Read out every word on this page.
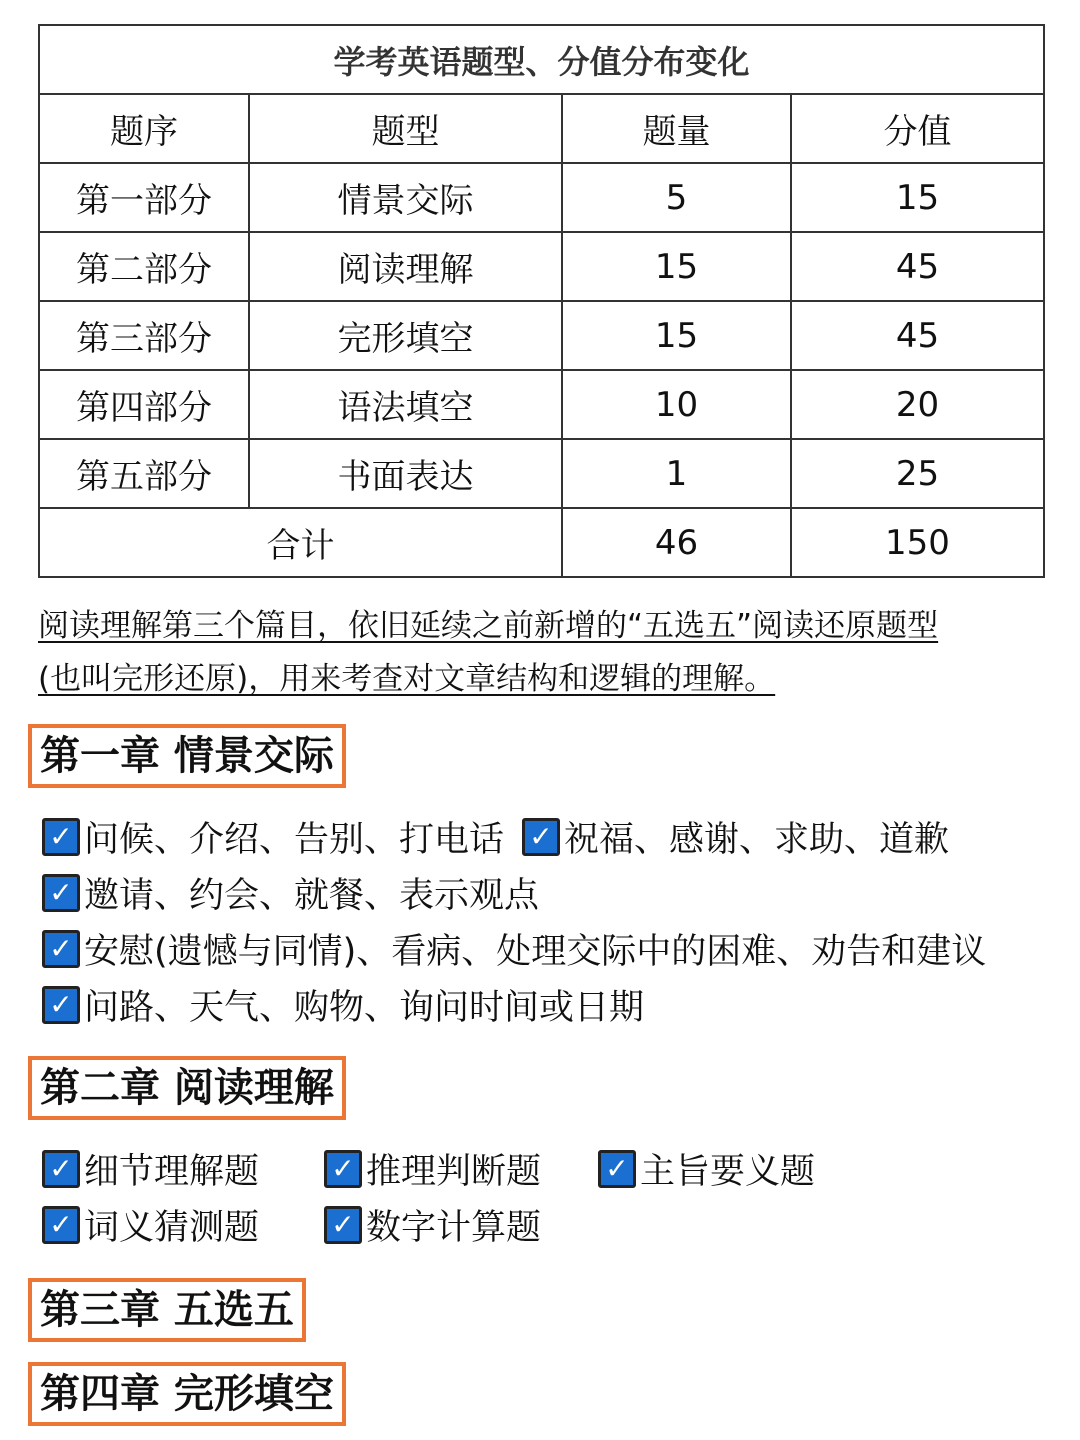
学考英语题型、分值分布变化			
题序	题型	题量	分值
第一部分	情景交际	5	15
第二部分	阅读理解	15	45
第三部分	完形填空	15	45
第四部分	语法填空	10	20
第五部分	书面表达	1	25
合计		46	150
阅读理解第三个篇目，依旧延续之前新增的“五选五”阅读还原题型
(也叫完形还原)，用来考查对文章结构和逻辑的理解。
第一章 情景交际
✓ 问候、介绍、告别、打电话 ✓ 祝福、感谢、求助、道歉
✓ 邀请、约会、就餐、表示观点
✓ 安慰(遗憾与同情)、看病、处理交际中的困难、劝告和建议
✓ 问路、天气、购物、询问时间或日期
第二章 阅读理解
✓ 细节理解题	✓ 推理判断题	✓ 主旨要义题
✓ 词义猜测题	✓ 数字计算题
第三章 五选五
第四章 完形填空
